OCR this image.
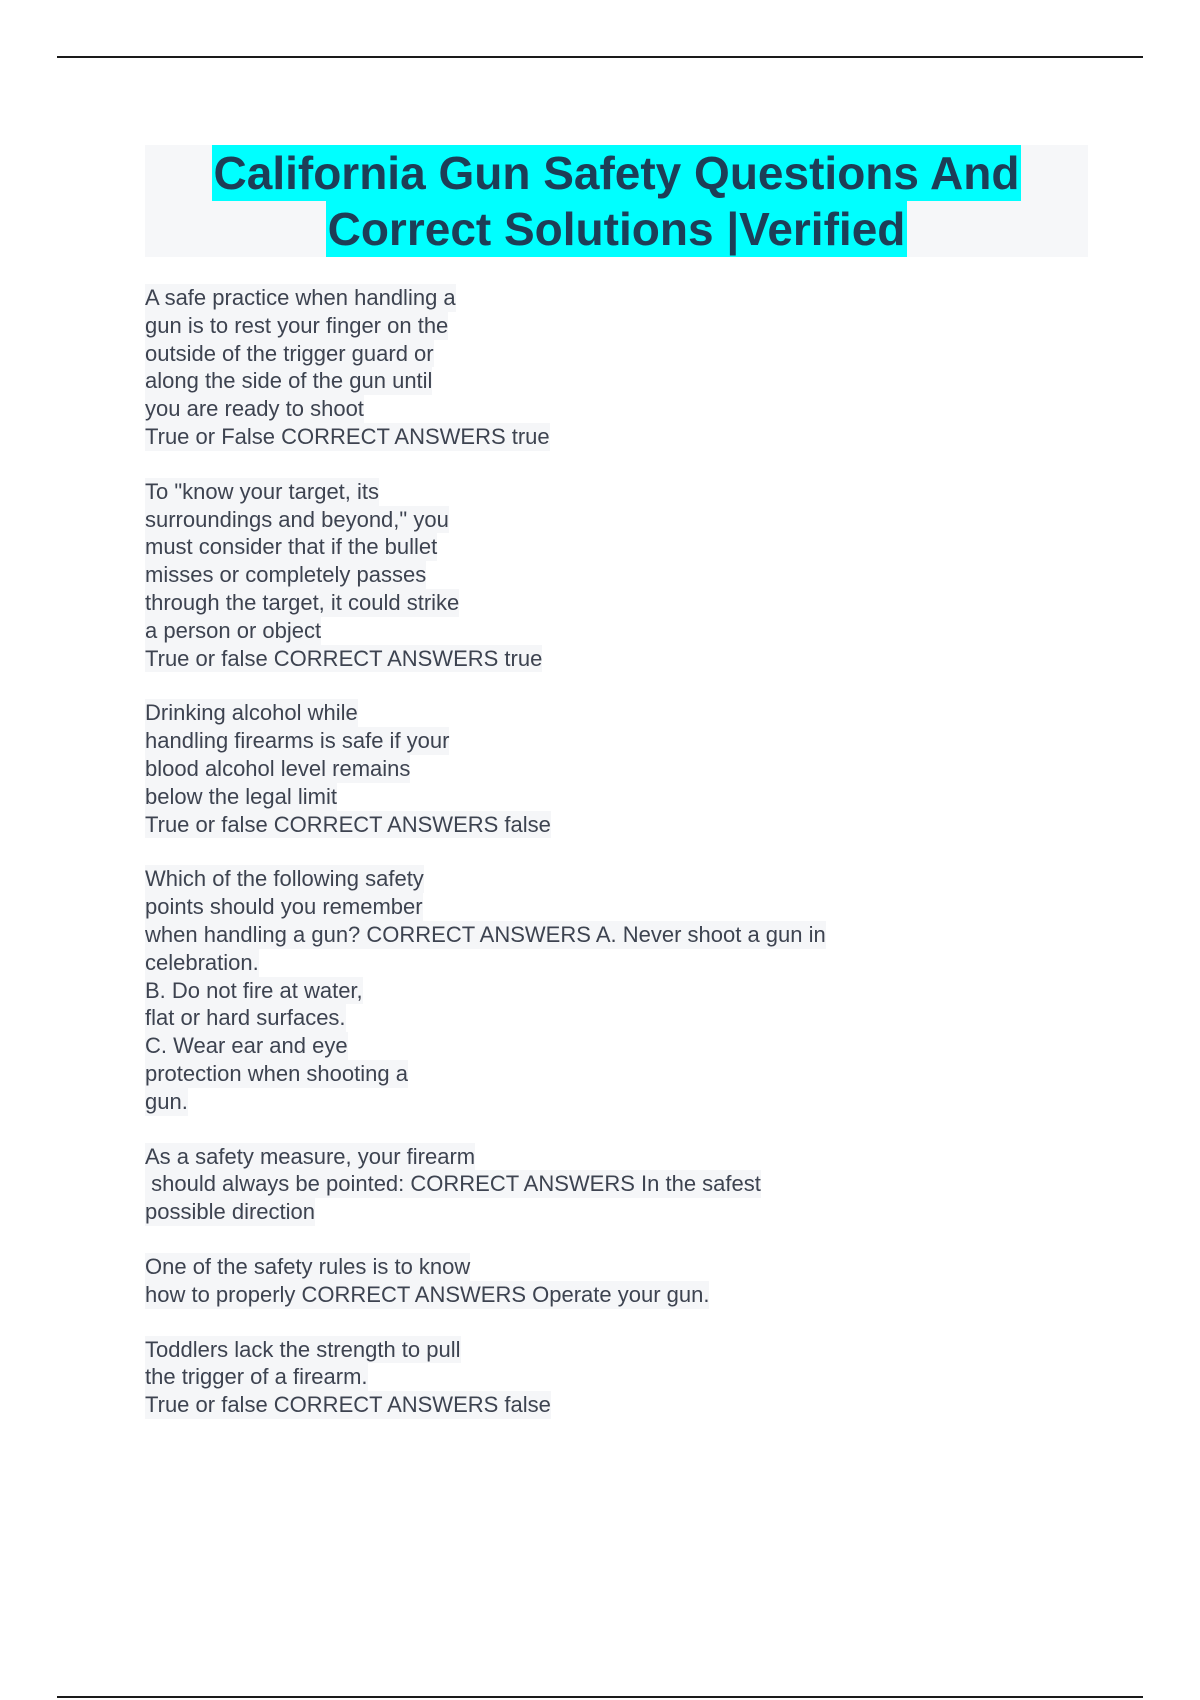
California Gun Safety Questions And
Correct Solutions |Verified
A safe practice when handling a
gun is to rest your finger on the
outside of the trigger guard or
along the side of the gun until
you are ready to shoot
True or False CORRECT ANSWERS true
To "know your target, its
surroundings and beyond," you
must consider that if the bullet
misses or completely passes
through the target, it could strike
a person or object
True or false CORRECT ANSWERS true
Drinking alcohol while
handling firearms is safe if your
blood alcohol level remains
below the legal limit
True or false CORRECT ANSWERS false
Which of the following safety
points should you remember
when handling a gun? CORRECT ANSWERS A. Never shoot a gun in
celebration.
B. Do not fire at water,
flat or hard surfaces.
C. Wear ear and eye
protection when shooting a
gun.
As a safety measure, your firearm
should always be pointed: CORRECT ANSWERS In the safest
possible direction
One of the safety rules is to know
how to properly CORRECT ANSWERS Operate your gun.
Toddlers lack the strength to pull
the trigger of a firearm.
True or false CORRECT ANSWERS false
